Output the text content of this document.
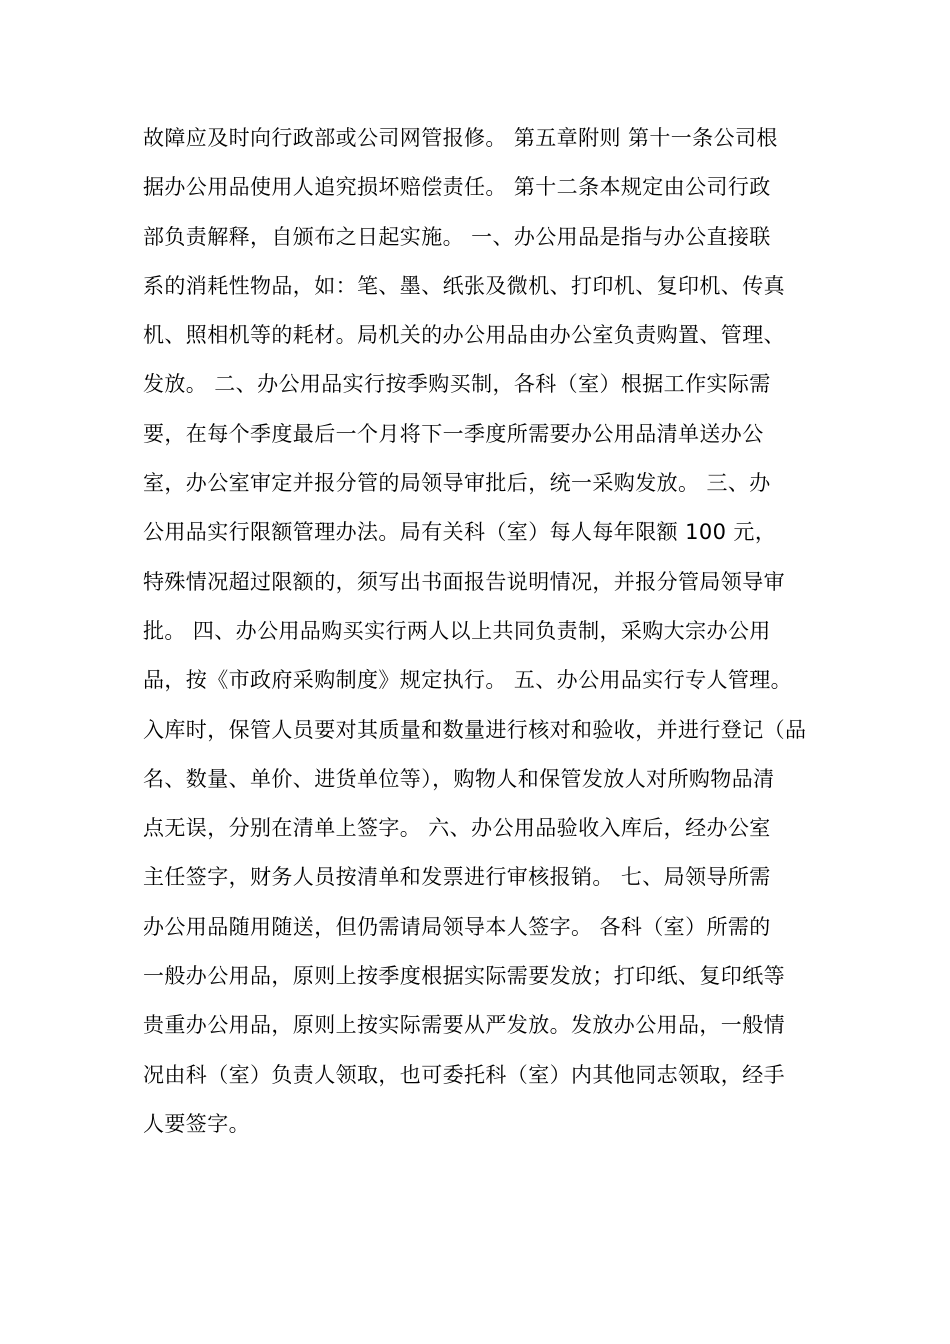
故障应及时向行政部或公司网管报修。 第五章附则 第十一条公司根
据办公用品使用人追究损坏赔偿责任。 第十二条本规定由公司行政
部负责解释，自颁布之日起实施。 一、办公用品是指与办公直接联
系的消耗性物品，如：笔、墨、纸张及微机、打印机、复印机、传真
机、照相机等的耗材。局机关的办公用品由办公室负责购置、管理、
发放。 二、办公用品实行按季购买制，各科（室）根据工作实际需
要，在每个季度最后一个月将下一季度所需要办公用品清单送办公
室，办公室审定并报分管的局领导审批后，统一采购发放。 三、办
公用品实行限额管理办法。局有关科（室）每人每年限额 100 元，
特殊情况超过限额的，须写出书面报告说明情况，并报分管局领导审
批。 四、办公用品购买实行两人以上共同负责制，采购大宗办公用
品，按《市政府采购制度》规定执行。 五、办公用品实行专人管理。
入库时，保管人员要对其质量和数量进行核对和验收，并进行登记（品
名、数量、单价、进货单位等），购物人和保管发放人对所购物品清
点无误，分别在清单上签字。 六、办公用品验收入库后，经办公室
主任签字，财务人员按清单和发票进行审核报销。 七、局领导所需
办公用品随用随送，但仍需请局领导本人签字。 各科（室）所需的
一般办公用品，原则上按季度根据实际需要发放；打印纸、复印纸等
贵重办公用品，原则上按实际需要从严发放。发放办公用品，一般情
况由科（室）负责人领取，也可委托科（室）内其他同志领取，经手
人要签字。
